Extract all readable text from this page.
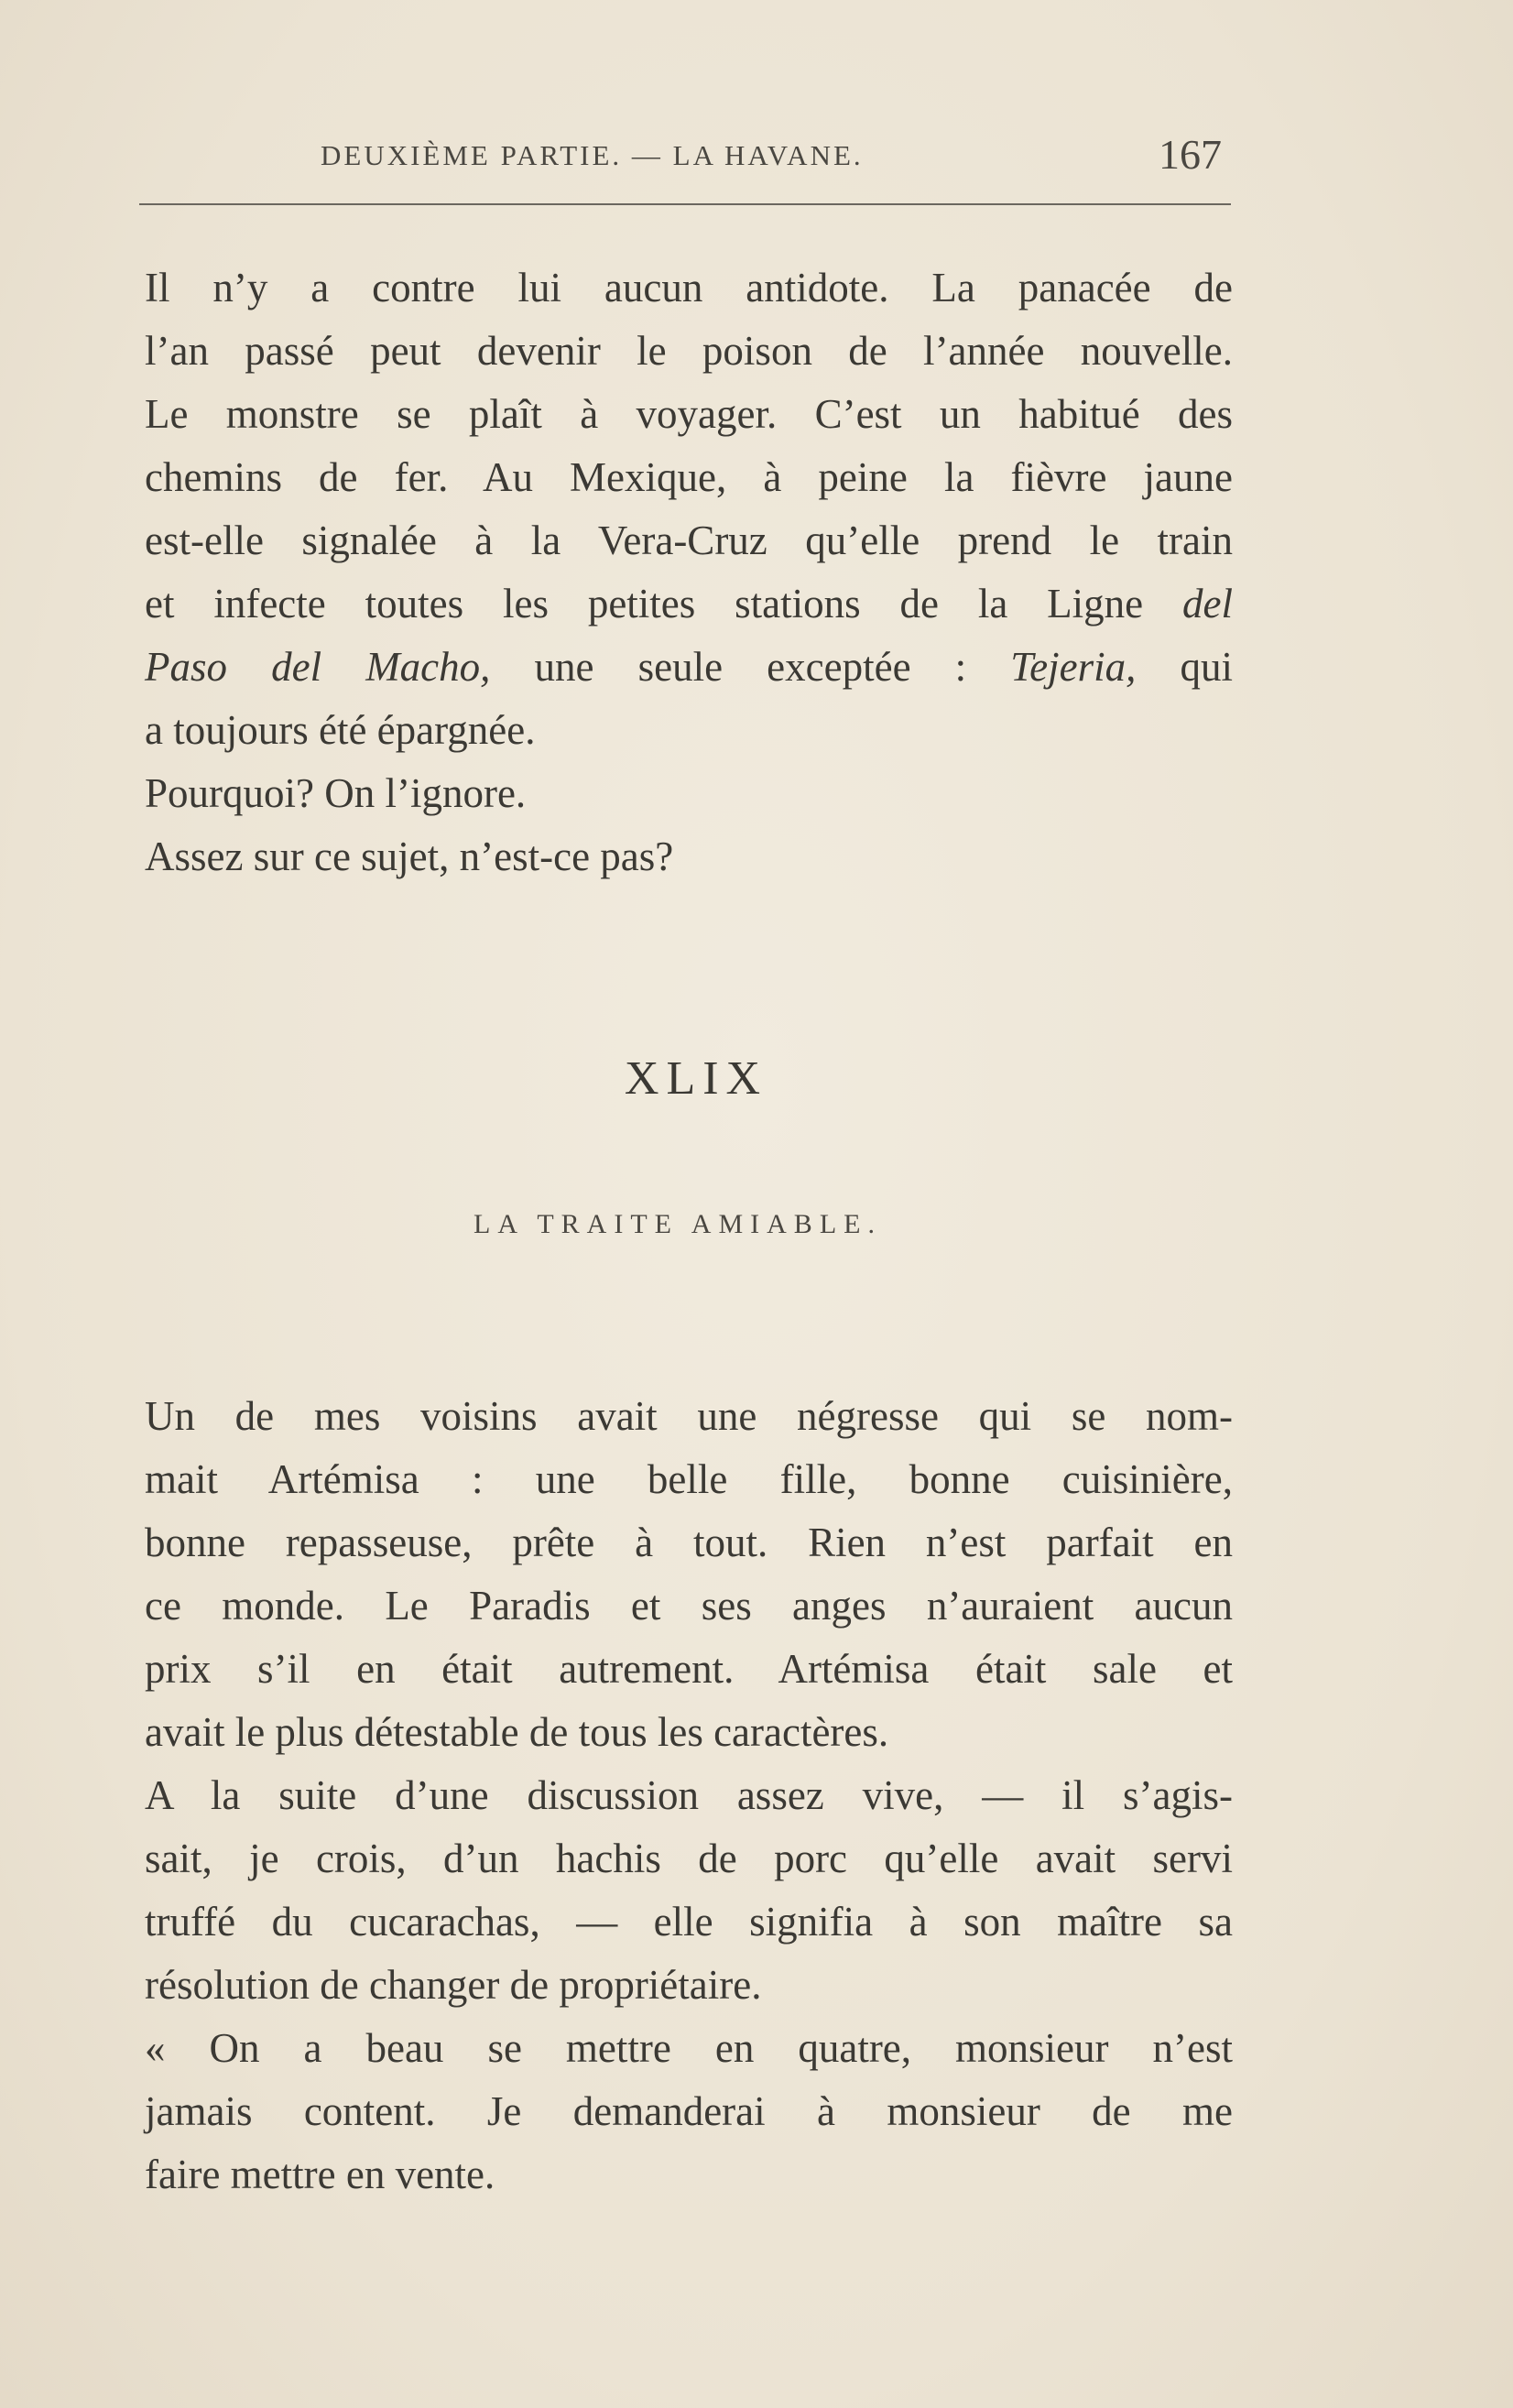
DEUXIÈME PARTIE. — LA HAVANE.	167
Il n’y a contre lui aucun antidote. La panacée de
l’an passé peut devenir le poison de l’année nouvelle.
Le monstre se plaît à voyager. C’est un habitué des
chemins de fer. Au Mexique, à peine la fièvre jaune
est-elle signalée à la Vera-Cruz qu’elle prend le train
et infecte toutes les petites stations de la Ligne del
Paso del Macho, une seule exceptée : Tejeria, qui
a toujours été épargnée.
Pourquoi? On l’ignore.
Assez sur ce sujet, n’est-ce pas?
XLIX
LA TRAITE AMIABLE.
Un de mes voisins avait une négresse qui se nom-
mait Artémisa : une belle fille, bonne cuisinière,
bonne repasseuse, prête à tout. Rien n’est parfait en
ce monde. Le Paradis et ses anges n’auraient aucun
prix s’il en était autrement. Artémisa était sale et
avait le plus détestable de tous les caractères.
A la suite d’une discussion assez vive, — il s’agis-
sait, je crois, d’un hachis de porc qu’elle avait servi
truffé du cucarachas, — elle signifia à son maître sa
résolution de changer de propriétaire.
« On a beau se mettre en quatre, monsieur n’est
jamais content. Je demanderai à monsieur de me
faire mettre en vente.
